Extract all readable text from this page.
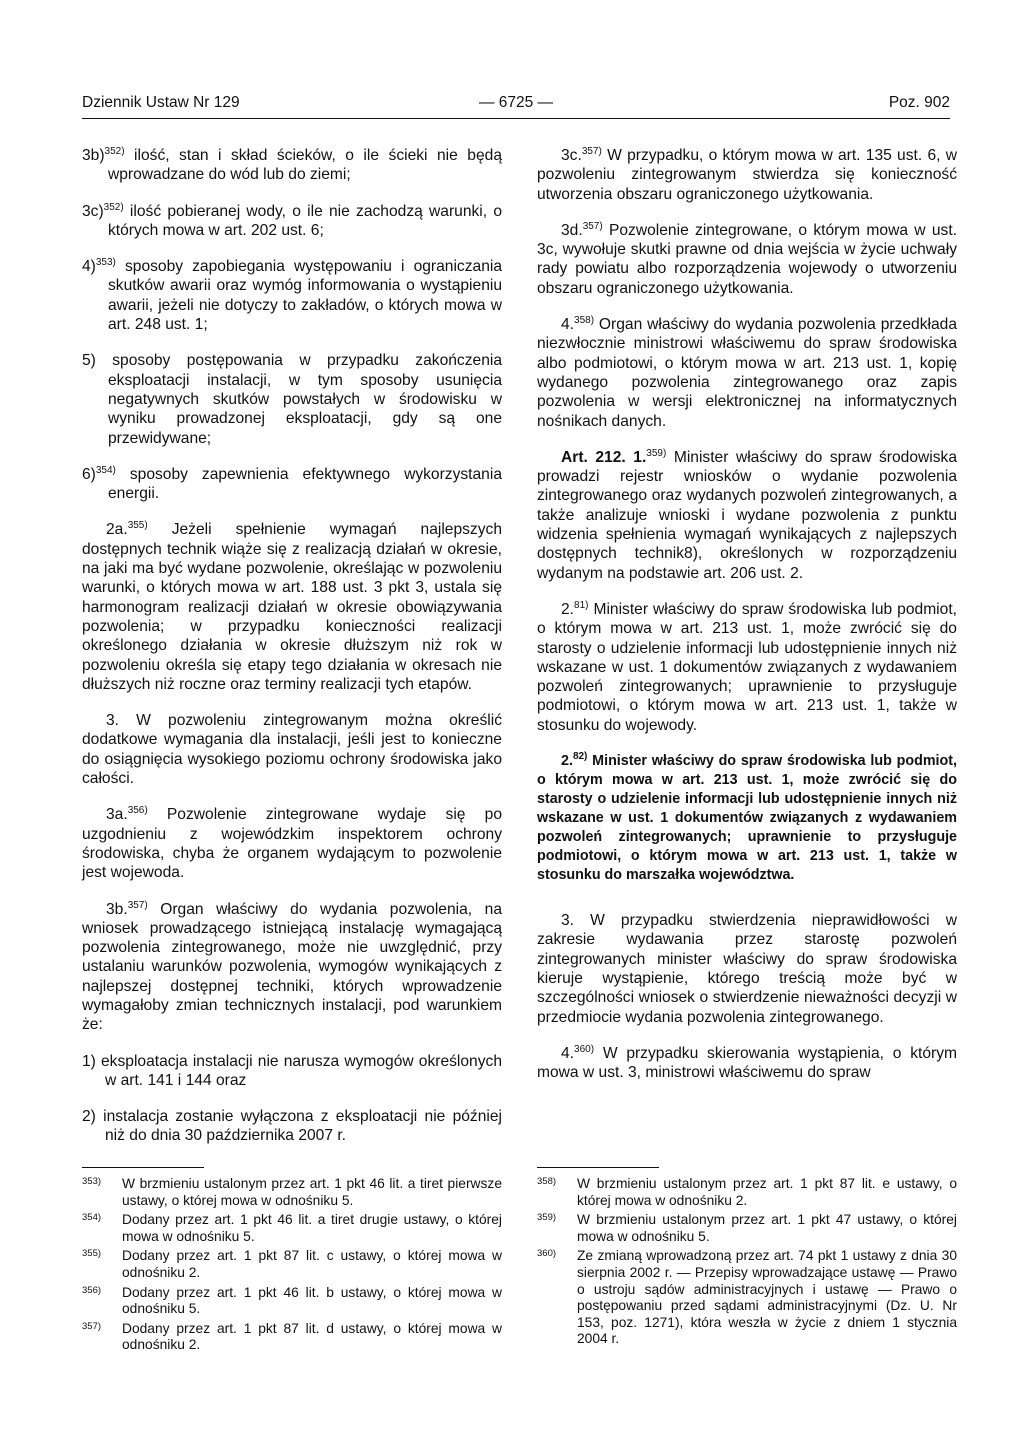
Dziennik Ustaw Nr 129	— 6725 —	Poz. 902

3b)$^{352)}$ ilość, stan i skład ścieków, o ile ścieki nie będą wprowadzane do wód lub do ziemi;

3c)$^{352)}$ ilość pobieranej wody, o ile nie zachodzą warunki, o których mowa w art. 202 ust. 6;

4)$^{353)}$ sposoby zapobiegania występowaniu i ograniczania skutków awarii oraz wymóg informowania o wystąpieniu awarii, jeżeli nie dotyczy to zakładów, o których mowa w art. 248 ust. 1;

5) sposoby postępowania w przypadku zakończenia eksploatacji instalacji, w tym sposoby usunięcia negatywnych skutków powstałych w środowisku w wyniku prowadzonej eksploatacji, gdy są one przewidywane;

6)$^{354)}$ sposoby zapewnienia efektywnego wykorzystania energii.

2a.$^{355)}$ Jeżeli spełnienie wymagań najlepszych dostępnych technik wiąże się z realizacją działań w okresie, na jaki ma być wydane pozwolenie, określając w pozwoleniu warunki, o których mowa w art. 188 ust. 3 pkt 3, ustala się harmonogram realizacji działań w okresie obowiązywania pozwolenia; w przypadku konieczności realizacji określonego działania w okresie dłuższym niż rok w pozwoleniu określa się etapy tego działania w okresach nie dłuższych niż roczne oraz terminy realizacji tych etapów.

3. W pozwoleniu zintegrowanym można określić dodatkowe wymagania dla instalacji, jeśli jest to konieczne do osiągnięcia wysokiego poziomu ochrony środowiska jako całości.

3a.$^{356)}$ Pozwolenie zintegrowane wydaje się po uzgodnieniu z wojewódzkim inspektorem ochrony środowiska, chyba że organem wydającym to pozwolenie jest wojewoda.

3b.$^{357)}$ Organ właściwy do wydania pozwolenia, na wniosek prowadzącego istniejącą instalację wymagającą pozwolenia zintegrowanego, może nie uwzględnić, przy ustalaniu warunków pozwolenia, wymogów wynikających z najlepszej dostępnej techniki, których wprowadzenie wymagałoby zmian technicznych instalacji, pod warunkiem że:

1) eksploatacja instalacji nie narusza wymogów określonych w art. 141 i 144 oraz

2) instalacja zostanie wyłączona z eksploatacji nie później niż do dnia 30 października 2007 r.

3c.$^{357)}$ W przypadku, o którym mowa w art. 135 ust. 6, w pozwoleniu zintegrowanym stwierdza się konieczność utworzenia obszaru ograniczonego użytkowania.

3d.$^{357)}$ Pozwolenie zintegrowane, o którym mowa w ust. 3c, wywołuje skutki prawne od dnia wejścia w życie uchwały rady powiatu albo rozporządzenia wojewody o utworzeniu obszaru ograniczonego użytkowania.

4.$^{358)}$ Organ właściwy do wydania pozwolenia przedkłada niezwłocznie ministrowi właściwemu do spraw środowiska albo podmiotowi, o którym mowa w art. 213 ust. 1, kopię wydanego pozwolenia zintegrowanego oraz zapis pozwolenia w wersji elektronicznej na informatycznych nośnikach danych.

Art. 212. 1.$^{359)}$ Minister właściwy do spraw środowiska prowadzi rejestr wniosków o wydanie pozwolenia zintegrowanego oraz wydanych pozwoleń zintegrowanych, a także analizuje wnioski i wydane pozwolenia z punktu widzenia spełnienia wymagań wynikających z najlepszych dostępnych technik8), określonych w rozporządzeniu wydanym na podstawie art. 206 ust. 2.

2.$^{81)}$ Minister właściwy do spraw środowiska lub podmiot, o którym mowa w art. 213 ust. 1, może zwrócić się do starosty o udzielenie informacji lub udostępnienie innych niż wskazane w ust. 1 dokumentów związanych z wydawaniem pozwoleń zintegrowanych; uprawnienie to przysługuje podmiotowi, o którym mowa w art. 213 ust. 1, także w stosunku do wojewody.

2.$^{82)}$ Minister właściwy do spraw środowiska lub podmiot, o którym mowa w art. 213 ust. 1, może zwrócić się do starosty o udzielenie informacji lub udostępnienie innych niż wskazane w ust. 1 dokumentów związanych z wydawaniem pozwoleń zintegrowanych; uprawnienie to przysługuje podmiotowi, o którym mowa w art. 213 ust. 1, także w stosunku do marszałka województwa.

3. W przypadku stwierdzenia nieprawidłowości w zakresie wydawania przez starostę pozwoleń zintegrowanych minister właściwy do spraw środowiska kieruje wystąpienie, którego treścią może być w szczególności wniosek o stwierdzenie nieważności decyzji w przedmiocie wydania pozwolenia zintegrowanego.

4.$^{360)}$ W przypadku skierowania wystąpienia, o którym mowa w ust. 3, ministrowi właściwemu do spraw

353)	W brzmieniu ustalonym przez art. 1 pkt 46 lit. a tiret pierwsze ustawy, o której mowa w odnośniku 5.
354)	Dodany przez art. 1 pkt 46 lit. a tiret drugie ustawy, o której mowa w odnośniku 5.
355)	Dodany przez art. 1 pkt 87 lit. c ustawy, o której mowa w odnośniku 2.
356)	Dodany przez art. 1 pkt 46 lit. b ustawy, o której mowa w odnośniku 5.
357)	Dodany przez art. 1 pkt 87 lit. d ustawy, o której mowa w odnośniku 2.
358)	W brzmieniu ustalonym przez art. 1 pkt 87 lit. e ustawy, o której mowa w odnośniku 2.
359)	W brzmieniu ustalonym przez art. 1 pkt 47 ustawy, o której mowa w odnośniku 5.
360)	Ze zmianą wprowadzoną przez art. 74 pkt 1 ustawy z dnia 30 sierpnia 2002 r. — Przepisy wprowadzające ustawę — Prawo o ustroju sądów administracyjnych i ustawę — Prawo o postępowaniu przed sądami administracyjnymi (Dz. U. Nr 153, poz. 1271), która weszła w życie z dniem 1 stycznia 2004 r.
